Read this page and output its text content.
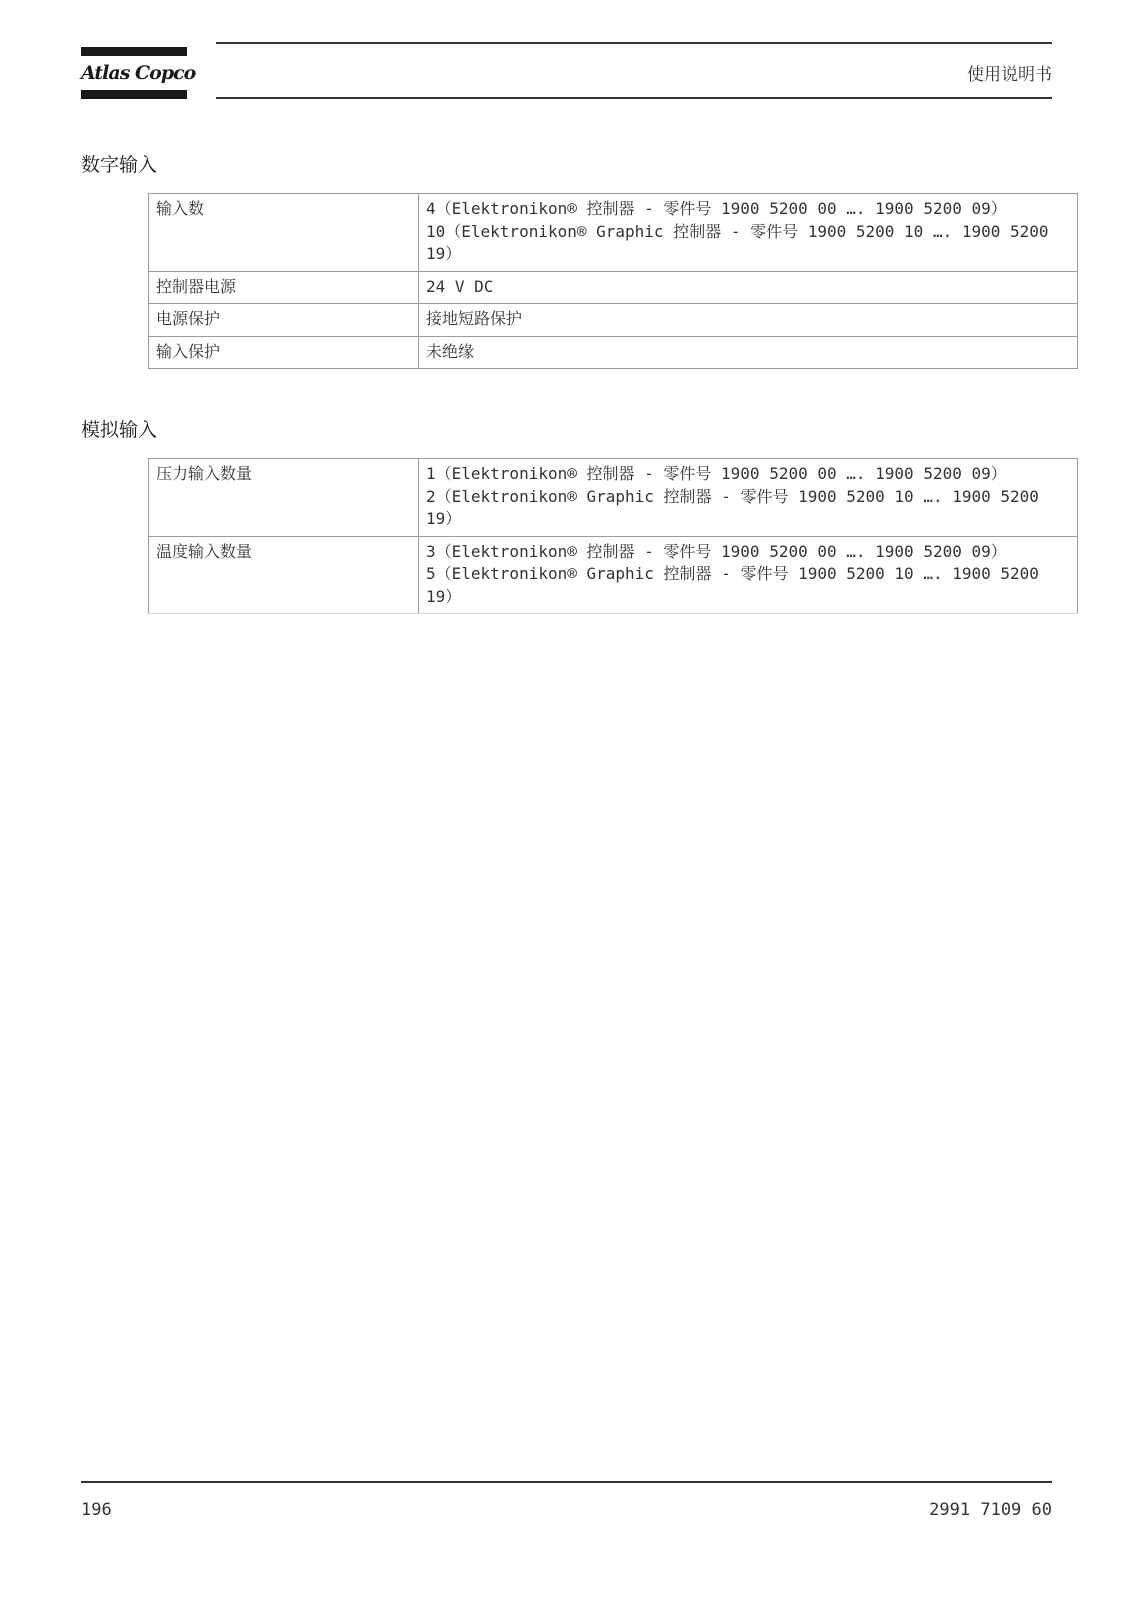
Atlas Copco	使用说明书
数字输入
输入数	4（Elektronikon® 控制器 - 零件号 1900 5200 00 …. 1900 5200 09）
10（Elektronikon® Graphic 控制器 - 零件号 1900 5200 10 …. 1900 5200
19）

控制器电源	24 V DC

电源保护	接地短路保护

输入保护	未绝缘
模拟输入
压力输入数量	1（Elektronikon® 控制器 - 零件号 1900 5200 00 …. 1900 5200 09）
2（Elektronikon® Graphic 控制器 - 零件号 1900 5200 10 …. 1900 5200
19）

温度输入数量	3（Elektronikon® 控制器 - 零件号 1900 5200 00 …. 1900 5200 09）
5（Elektronikon® Graphic 控制器 - 零件号 1900 5200 10 …. 1900 5200
19）
196	2991 7109 60
